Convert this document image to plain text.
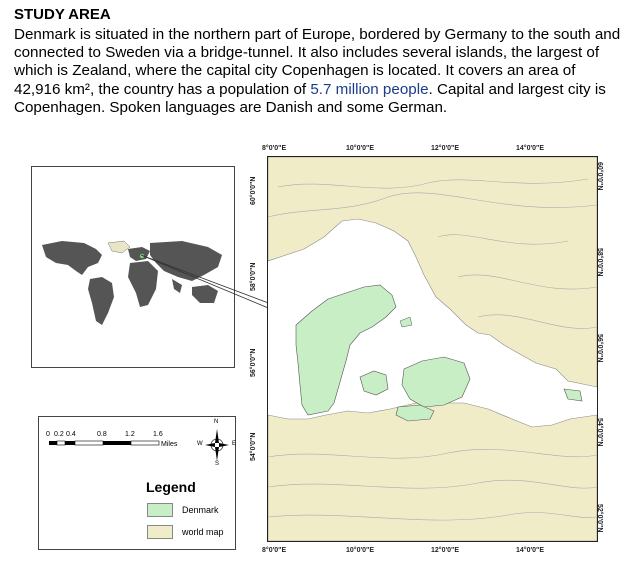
STUDY AREA
Denmark is situated in the northern part of Europe, bordered by Germany to the south and connected to Sweden via a bridge-tunnel. It also includes several islands, the largest of which is Zealand, where the capital city Copenhagen is located. It covers an area of 42,916 km², the country has a population of 5.7 million people. Capital and largest city is Copenhagen. Spoken languages are Danish and some German.
0 0.2 0.4	0.8	1.2	1.6
Miles
N
E
S
W
Legend
Denmark
world map
8°0'0"E	10°0'0"E	12°0'0"E	14°0'0"E
8°0'0"E	10°0'0"E	12°0'0"E	14°0'0"E
60°0'0"N
58°0'0"N
56°0'0"N
54°0'0"N
60°0'0"N
58°0'0"N
56°0'0"N
54°0'0"N
52°0'0"N
